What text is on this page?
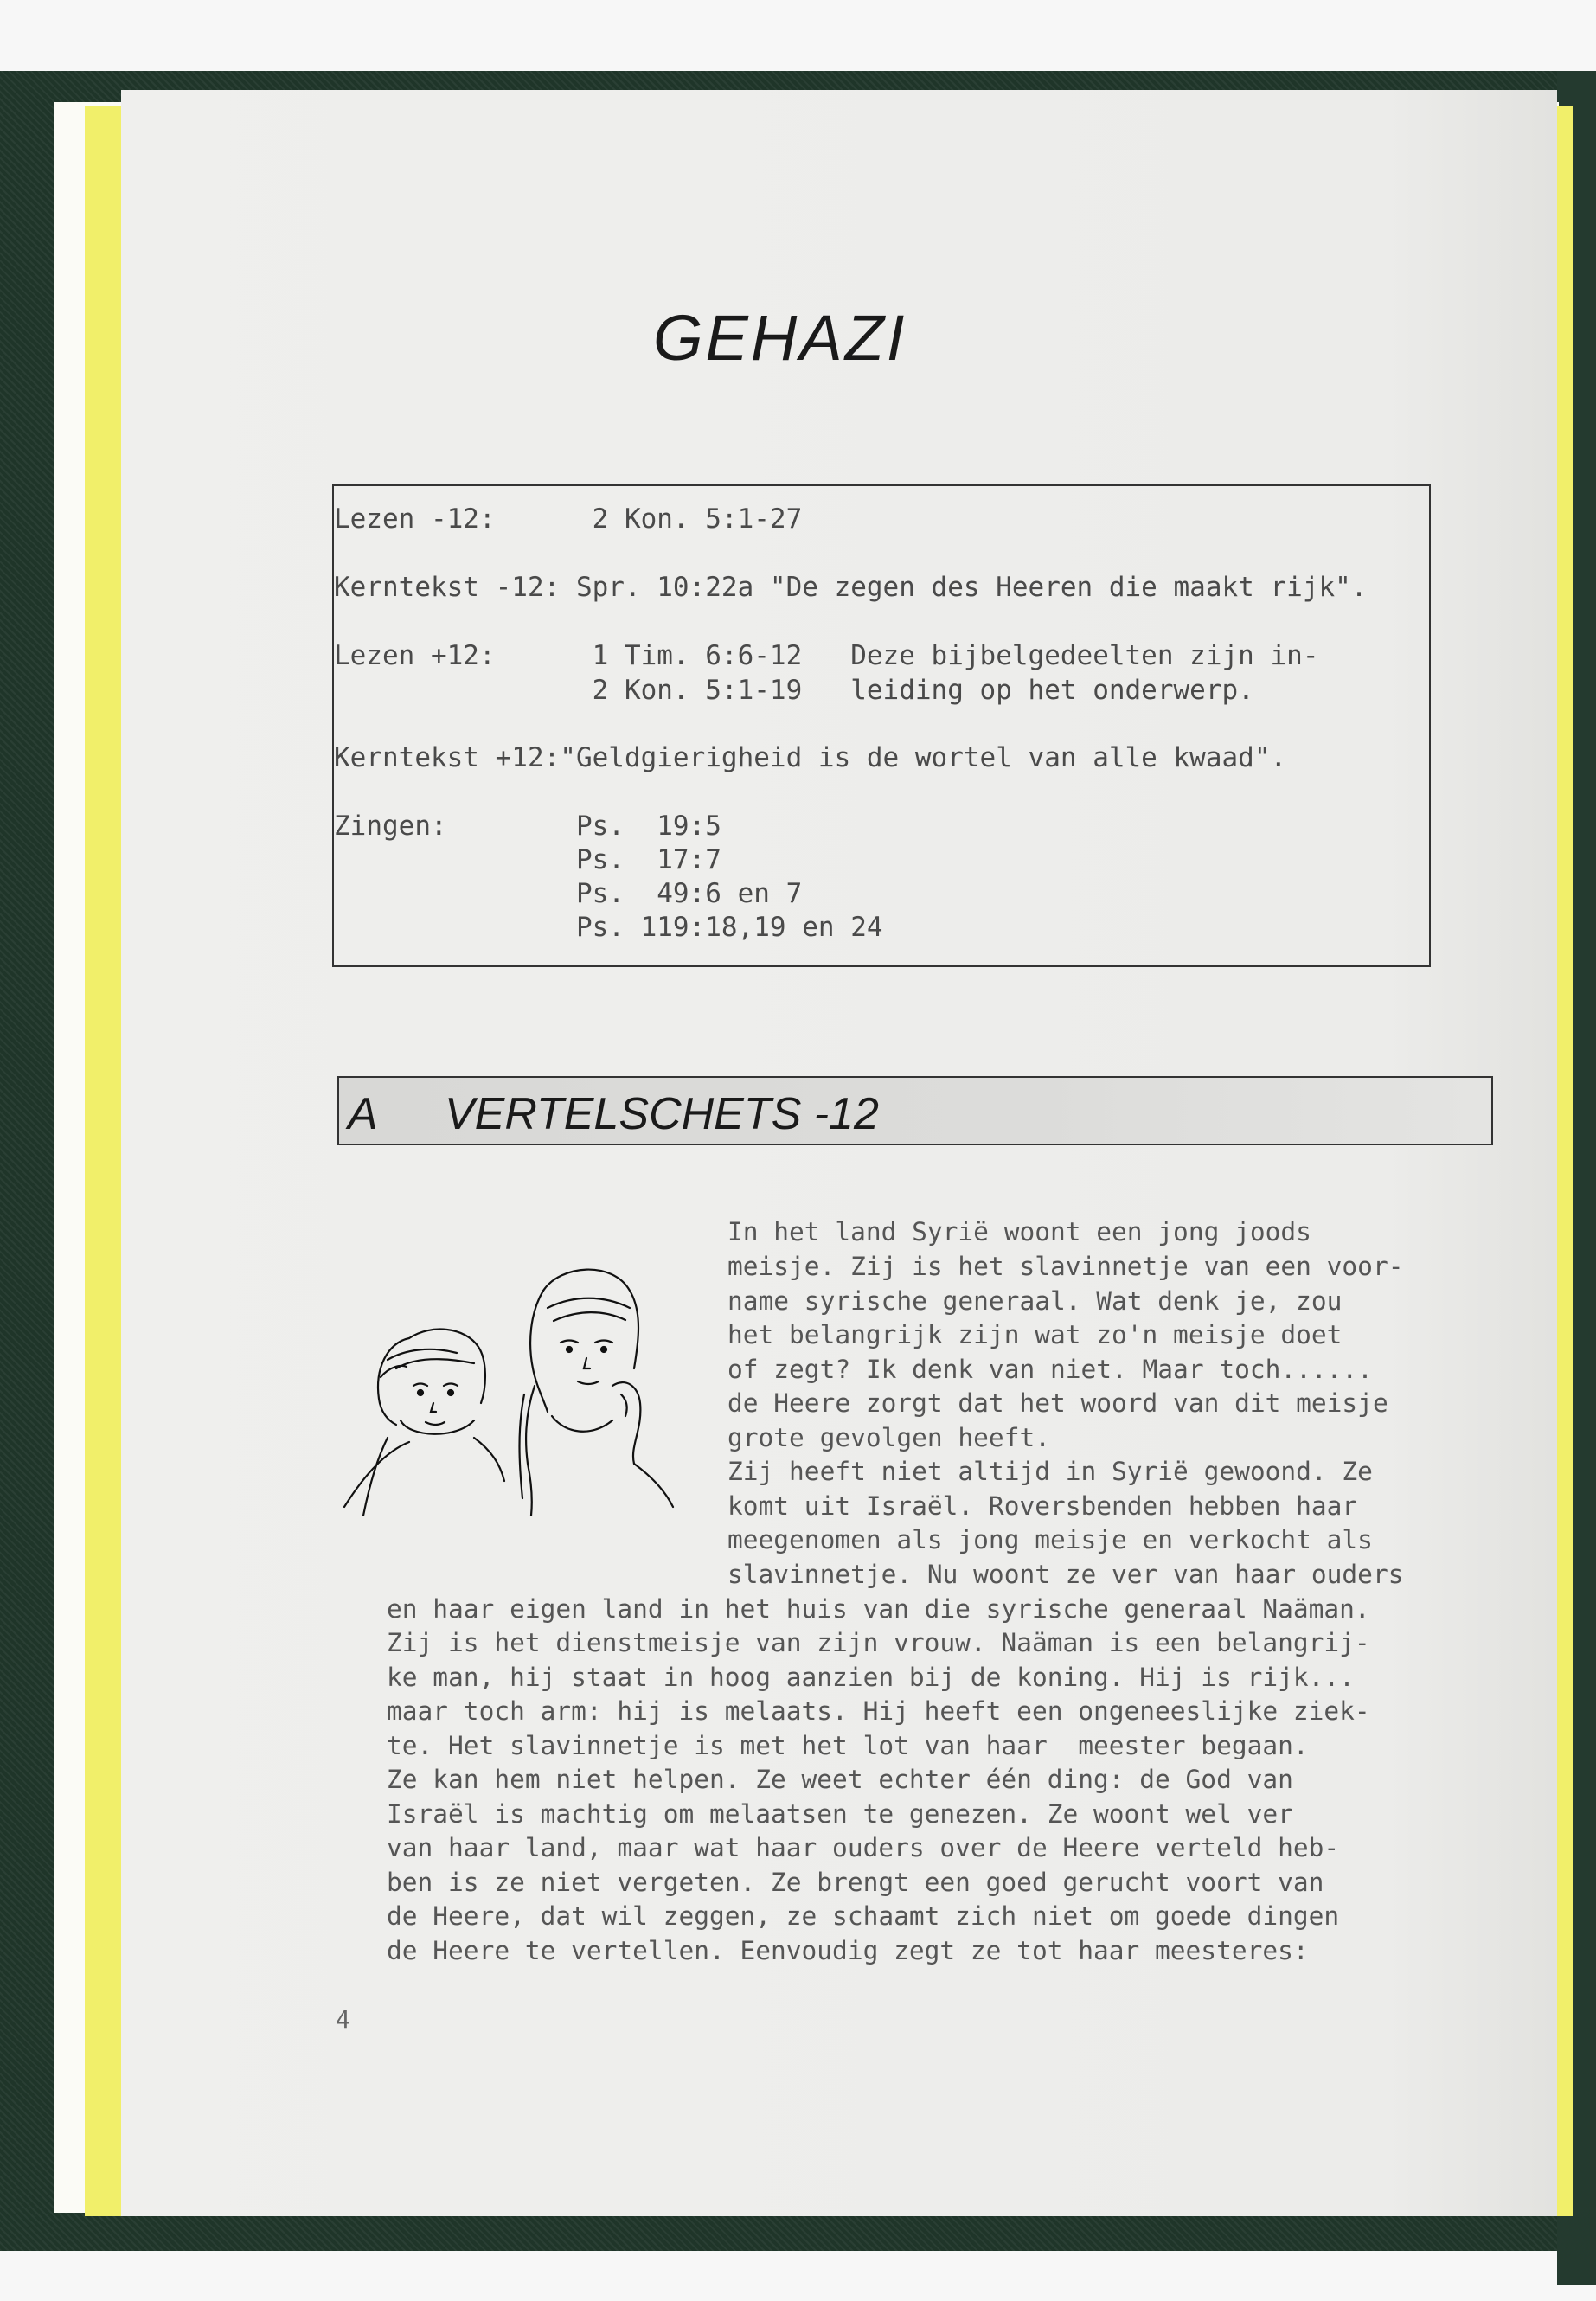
GEHAZI
Lezen -12:      2 Kon. 5:1-27
Kerntekst -12: Spr. 10:22a "De zegen des Heeren die maakt rijk".
Lezen +12:      1 Tim. 6:6-12   Deze bijbelgedeelten zijn in-
2 Kon. 5:1-19   leiding op het onderwerp.
Kerntekst +12:"Geldgierigheid is de wortel van alle kwaad".
Zingen:        Ps.  19:5
Ps.  17:7
Ps.  49:6 en 7
Ps. 119:18,19 en 24
A VERTELSCHETS -12
In het land Syrië woont een jong joods
meisje. Zij is het slavinnetje van een voor-
name syrische generaal. Wat denk je, zou
het belangrijk zijn wat zo'n meisje doet
of zegt? Ik denk van niet. Maar toch......
de Heere zorgt dat het woord van dit meisje
grote gevolgen heeft.
Zij heeft niet altijd in Syrië gewoond. Ze
komt uit Israël. Roversbenden hebben haar
meegenomen als jong meisje en verkocht als
slavinnetje. Nu woont ze ver van haar ouders
en haar eigen land in het huis van die syrische generaal Naäman.
Zij is het dienstmeisje van zijn vrouw. Naäman is een belangrij-
ke man, hij staat in hoog aanzien bij de koning. Hij is rijk...
maar toch arm: hij is melaats. Hij heeft een ongeneeslijke ziek-
te. Het slavinnetje is met het lot van haar  meester begaan.
Ze kan hem niet helpen. Ze weet echter één ding: de God van
Israël is machtig om melaatsen te genezen. Ze woont wel ver
van haar land, maar wat haar ouders over de Heere verteld heb-
ben is ze niet vergeten. Ze brengt een goed gerucht voort van
de Heere, dat wil zeggen, ze schaamt zich niet om goede dingen
de Heere te vertellen. Eenvoudig zegt ze tot haar meesteres:
4
